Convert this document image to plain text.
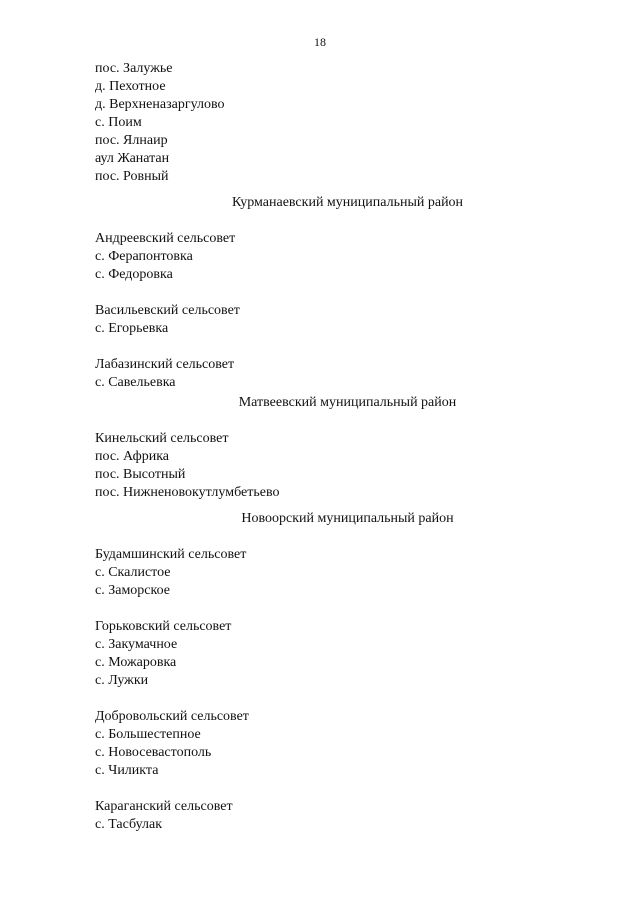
18
пос. Залужье
д. Пехотное
д. Верхненазаргулово
с. Поим
пос. Ялнаир
аул Жанатан
пос. Ровный
Курманаевский муниципальный район
Андреевский сельсовет
с. Ферапонтовка
с. Федоровка
Васильевский сельсовет
с. Егорьевка
Лабазинский сельсовет
с. Савельевка
Матвеевский муниципальный район
Кинельский сельсовет
пос. Африка
пос. Высотный
пос. Нижненовокутлумбетьево
Новоорский муниципальный район
Будамшинский сельсовет
с. Скалистое
с. Заморское
Горьковский сельсовет
с. Закумачное
с. Можаровка
с. Лужки
Добровольский сельсовет
с. Большестепное
с. Новосевастополь
с. Чиликта
Караганский сельсовет
с. Тасбулак
